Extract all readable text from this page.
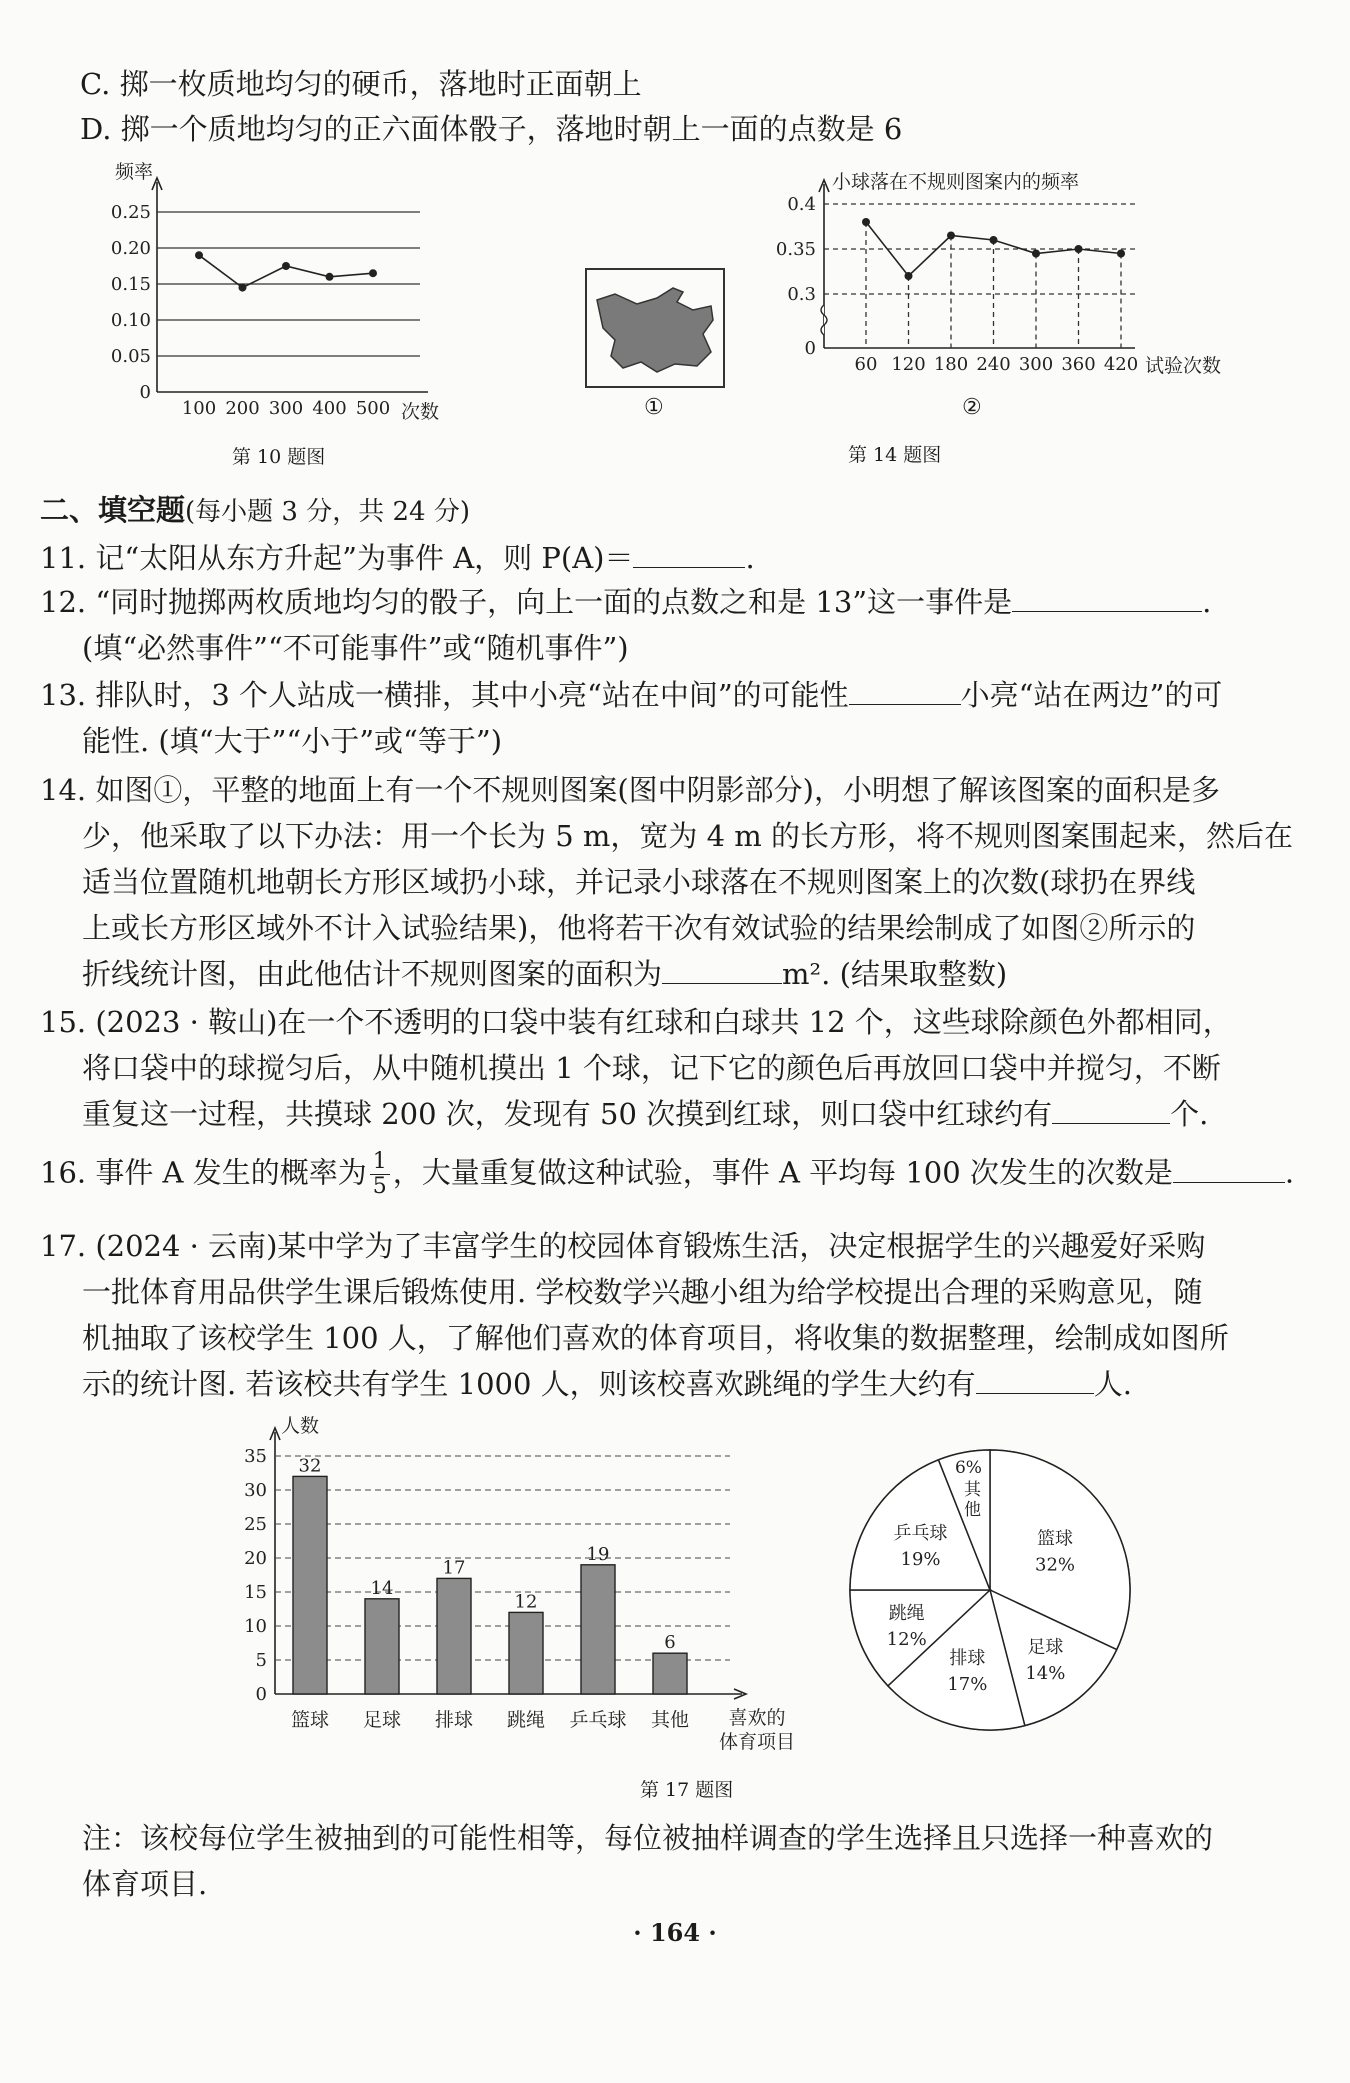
C. 掷一枚质地均匀的硬币，落地时正面朝上
D. 掷一个质地均匀的正六面体骰子，落地时朝上一面的点数是 6
0
0.05
0.10
0.15
0.20
0.25
频率
100 200 300 400 500 次数
第 10 题图
①
0
0.3
0.35
0.4
小球落在不规则图案内的频率
60 120 180 240 300 360 420 试验次数
②
第 14 题图
二、填空题(每小题 3 分，共 24 分)
11. 记“太阳从东方升起”为事件 A，则 P(A)＝	.
12. “同时抛掷两枚质地均匀的骰子，向上一面的点数之和是 13”这一事件是	.
(填“必然事件”“不可能事件”或“随机事件”)
13. 排队时，3 个人站成一横排，其中小亮“站在中间”的可能性	小亮“站在两边”的可
能性. (填“大于”“小于”或“等于”)
14. 如图①，平整的地面上有一个不规则图案(图中阴影部分)，小明想了解该图案的面积是多
少，他采取了以下办法：用一个长为 5 m，宽为 4 m 的长方形，将不规则图案围起来，然后在
适当位置随机地朝长方形区域扔小球，并记录小球落在不规则图案上的次数(球扔在界线
上或长方形区域外不计入试验结果)，他将若干次有效试验的结果绘制成了如图②所示的
折线统计图，由此他估计不规则图案的面积为	m². (结果取整数)
15. (2023 · 鞍山)在一个不透明的口袋中装有红球和白球共 12 个，这些球除颜色外都相同，
将口袋中的球搅匀后，从中随机摸出 1 个球，记下它的颜色后再放回口袋中并搅匀，不断
重复这一过程，共摸球 200 次，发现有 50 次摸到红球，则口袋中红球约有	个.
16. 事件 A 发生的概率为 $\frac{1}{5}$ ，大量重复做这种试验，事件 A 平均每 100 次发生的次数是	.
17. (2024 · 云南)某中学为了丰富学生的校园体育锻炼生活，决定根据学生的兴趣爱好采购
一批体育用品供学生课后锻炼使用. 学校数学兴趣小组为给学校提出合理的采购意见，随
机抽取了该校学生 100 人，了解他们喜欢的体育项目，将收集的数据整理，绘制成如图所
示的统计图. 若该校共有学生 1000 人，则该校喜欢跳绳的学生大约有	人.
0
5
10
15
20
25
30
35
人数
32
篮球
14
足球
17
排球
12
跳绳
19
乒乓球
6
其他 喜欢的
体育项目
篮球
32%
足球
14%
排球
17%
跳绳
12%
乒乓球
19%
6%
其
他
第 17 题图
注：该校每位学生被抽到的可能性相等，每位被抽样调查的学生选择且只选择一种喜欢的
体育项目.
· 164 ·
